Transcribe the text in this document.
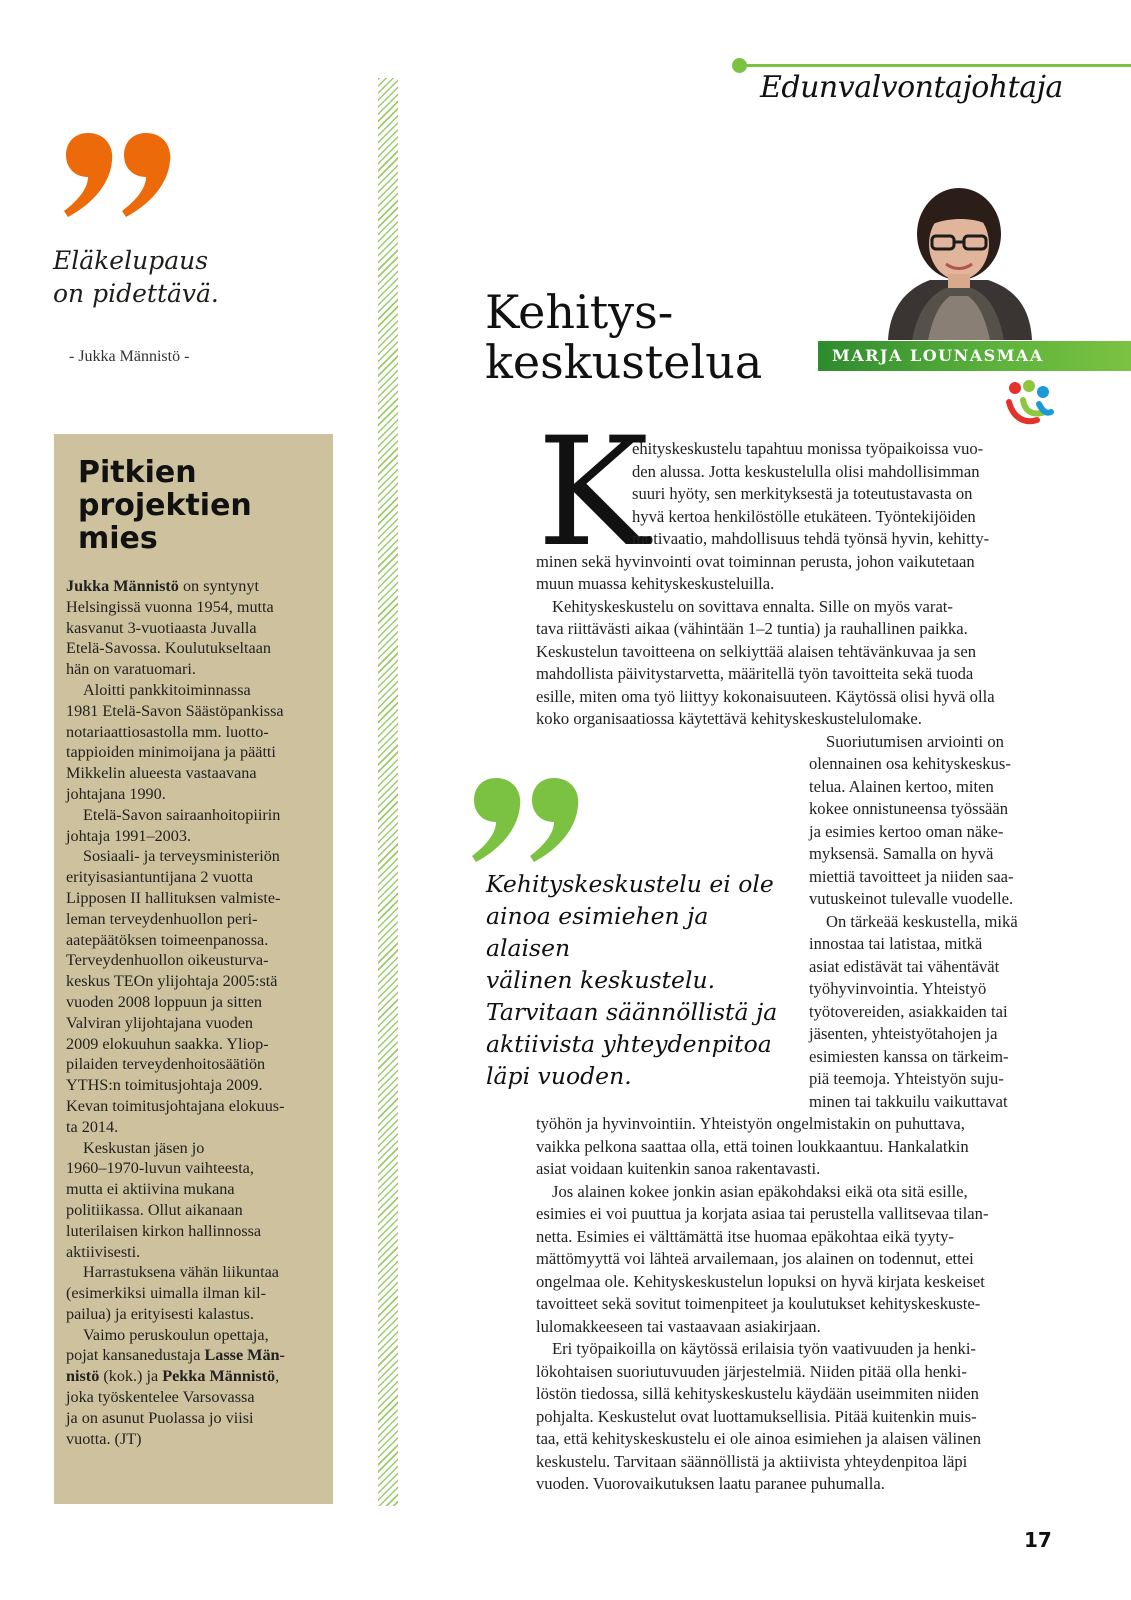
Edunvalvontajohtaja
Eläkelupaus
on pidettävä.
- Jukka Männistö -
Pitkien
projektien
mies
Jukka Männistö on syntynyt
Helsingissä vuonna 1954, mutta
kasvanut 3-vuotiaasta Juvalla
Etelä-Savossa. Koulutukseltaan
hän on varatuomari.
Aloitti pankkitoiminnassa
1981 Etelä-Savon Säästöpankissa
notariaattiosastolla mm. luotto-
tappioiden minimoijana ja päätti
Mikkelin alueesta vastaavana
johtajana 1990.
Etelä-Savon sairaanhoitopiirin
johtaja 1991–2003.
Sosiaali- ja terveysministeriön
erityisasiantuntijana 2 vuotta
Lipposen II hallituksen valmiste-
leman terveydenhuollon peri-
aatepäätöksen toimeenpanossa.
Terveydenhuollon oikeusturva-
keskus TEOn ylijohtaja 2005:stä
vuoden 2008 loppuun ja sitten
Valviran ylijohtajana vuoden
2009 elokuuhun saakka. Ylioр-
pilaiden terveydenhoitosäätiön
YTHS:n toimitusjohtaja 2009.
Kevan toimitusjohtajana elokuus-
ta 2014.
Keskustan jäsen jo
1960–1970-luvun vaihteesta,
mutta ei aktiivina mukana
politiikassa. Ollut aikanaan
luterilaisen kirkon hallinnossa
aktiivisesti.
Harrastuksena vähän liikuntaa
(esimerkiksi uimalla ilman kil-
pailua) ja erityisesti kalastus.
Vaimo peruskoulun opettaja,
pojat kansanedustaja Lasse Män-
nistö (kok.) ja Pekka Männistö,
joka työskentelee Varsovassa
ja on asunut Puolassa jo viisi
vuotta. (JT)
Kehitys-
keskustelua	MARJA LOUNASMAA
K
ehityskeskustelu tapahtuu monissa työpaikoissa vuo-
den alussa. Jotta keskustelulla olisi mahdollisimman
suuri hyöty, sen merkityksestä ja toteutustavasta on
hyvä kertoa henkilöstölle etukäteen. Työntekijöiden
motivaatio, mahdollisuus tehdä työnsä hyvin, kehitty-
minen sekä hyvinvointi ovat toiminnan perusta, johon vaikutetaan
muun muassa kehityskeskusteluilla.
Kehityskeskustelu on sovittava ennalta. Sille on myös varat-
tava riittävästi aikaa (vähintään 1–2 tuntia) ja rauhallinen paikka.
Keskustelun tavoitteena on selkiyttää alaisen tehtävänkuvaa ja sen
mahdollista päivitystarvetta, määritellä työn tavoitteita sekä tuoda
esille, miten oma työ liittyy kokonaisuuteen. Käytössä olisi hyvä olla
koko organisaatiossa käytettävä kehityskeskustelulomake.
Suoriutumisen arviointi on
olennainen osa kehityskeskus-
telua. Alainen kertoo, miten
kokee onnistuneensa työssään
ja esimies kertoo oman näke-
myksensä. Samalla on hyvä
miettiä tavoitteet ja niiden saa-
vutuskeinot tulevalle vuodelle.
On tärkeää keskustella, mikä
innostaa tai latistaa, mitkä
asiat edistävät tai vähentävät
työhyvinvointia. Yhteistyö
työtovereiden, asiakkaiden tai
jäsenten, yhteistyötahojen ja
esimiesten kanssa on tärkeim-
piä teemoja. Yhteistyön suju-
minen tai takkuilu vaikuttavat
työhön ja hyvinvointiin. Yhteistyön ongelmistakin on puhuttava,
vaikka pelkona saattaa olla, että toinen loukkaantuu. Hankalatkin
asiat voidaan kuitenkin sanoa rakentavasti.
Jos alainen kokee jonkin asian epäkohdaksi eikä ota sitä esille,
esimies ei voi puuttua ja korjata asiaa tai perustella vallitsevaa tilan-
netta. Esimies ei välttämättä itse huomaa epäkohtaa eikä tyyty-
mättömyyttä voi lähteä arvailemaan, jos alainen on todennut, ettei
ongelmaa ole. Kehityskeskustelun lopuksi on hyvä kirjata keskeiset
tavoitteet sekä sovitut toimenpiteet ja koulutukset kehityskeskuste-
lulomakkeeseen tai vastaavaan asiakirjaan.
Eri työpaikoilla on käytössä erilaisia työn vaativuuden ja henki-
lökohtaisen suoriutuvuuden järjestelmiä. Niiden pitää olla henki-
löstön tiedossa, sillä kehityskeskustelu käydään useimmiten niiden
pohjalta. Keskustelut ovat luottamuksellisia. Pitää kuitenkin muis-
taa, että kehityskeskustelu ei ole ainoa esimiehen ja alaisen välinen
keskustelu. Tarvitaan säännöllistä ja aktiivista yhteydenpitoa läpi
vuoden. Vuorovaikutuksen laatu paranee puhumalla.
Kehityskeskustelu ei ole
ainoa esimiehen ja alaisen
välinen keskustelu.
Tarvitaan säännöllistä ja
aktiivista yhteydenpitoa
läpi vuoden.
17
